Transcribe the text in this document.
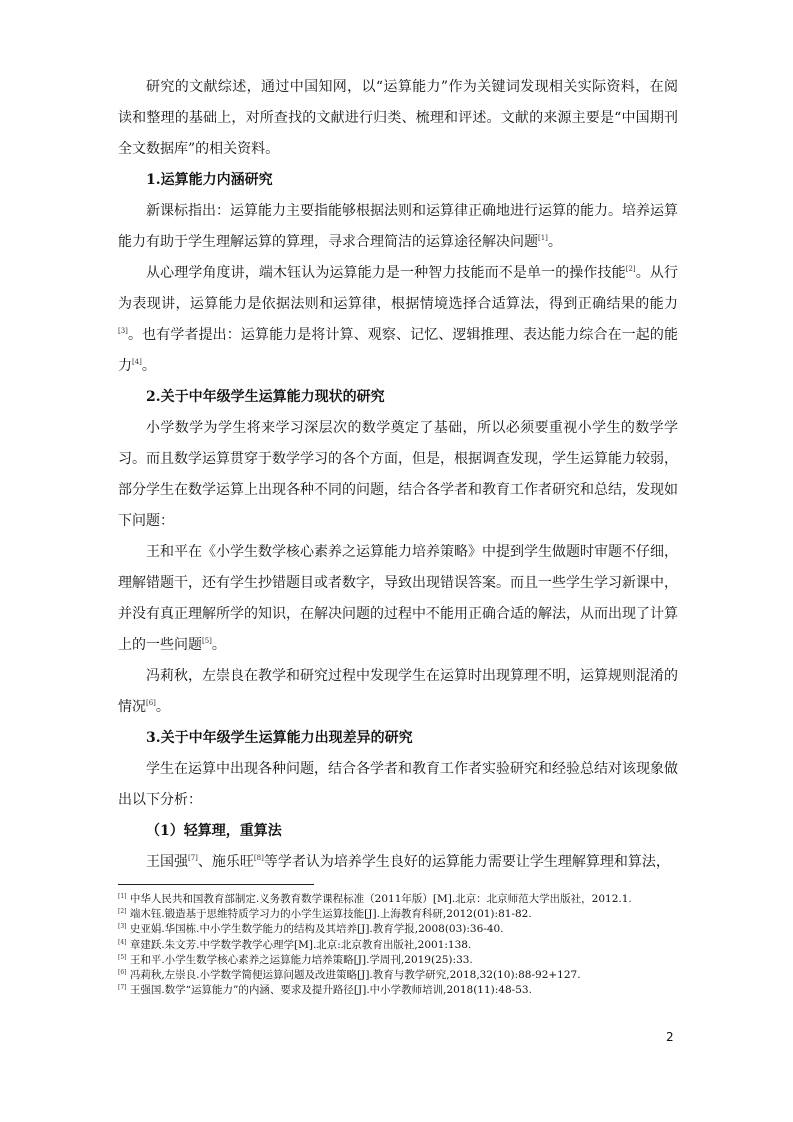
研究的文献综述，通过中国知网，以“运算能力”作为关键词发现相关实际资料，在阅读和整理的基础上，对所查找的文献进行归类、梳理和评述。文献的来源主要是“中国期刊全文数据库”的相关资料。

1.运算能力内涵研究

新课标指出：运算能力主要指能够根据法则和运算律正确地进行运算的能力。培养运算能力有助于学生理解运算的算理，寻求合理简洁的运算途径解决问题[1]。

从心理学角度讲，端木钰认为运算能力是一种智力技能而不是单一的操作技能[2]。从行为表现讲，运算能力是依据法则和运算律，根据情境选择合适算法，得到正确结果的能力[3]。也有学者提出：运算能力是将计算、观察、记忆、逻辑推理、表达能力综合在一起的能力[4]。

2.关于中年级学生运算能力现状的研究

小学数学为学生将来学习深层次的数学奠定了基础，所以必须要重视小学生的数学学习。而且数学运算贯穿于数学学习的各个方面，但是，根据调查发现，学生运算能力较弱，部分学生在数学运算上出现各种不同的问题，结合各学者和教育工作者研究和总结，发现如下问题：

王和平在《小学生数学核心素养之运算能力培养策略》中提到学生做题时审题不仔细，理解错题干，还有学生抄错题目或者数字，导致出现错误答案。而且一些学生学习新课中，并没有真正理解所学的知识，在解决问题的过程中不能用正确合适的解法，从而出现了计算上的一些问题[5]。

冯莉秋，左崇良在教学和研究过程中发现学生在运算时出现算理不明，运算规则混淆的情况[6]。

3.关于中年级学生运算能力出现差异的研究

学生在运算中出现各种问题，结合各学者和教育工作者实验研究和经验总结对该现象做出以下分析：

（1）轻算理，重算法

王国强[7]、施乐旺[8]等学者认为培养学生良好的运算能力需要让学生理解算理和算法，

[1] 中华人民共和国教育部制定.义务教育数学课程标准（2011年版）[M].北京：北京师范大学出版社，2012.1.

[2] 端木钰.锻造基于思维特质学习力的小学生运算技能[J].上海教育科研,2012(01):81-82.

[3] 史亚娟.华国栋.中小学生数学能力的结构及其培养[J].教育学报,2008(03):36-40.

[4] 章建跃.朱文芳.中学数学教学心理学[M].北京:北京教育出版社,2001:138.

[5] 王和平.小学生数学核心素养之运算能力培养策略[J].学周刊,2019(25):33.

[6] 冯莉秋,左崇良.小学数学简便运算问题及改进策略[J].教育与教学研究,2018,32(10):88-92+127.

[7] 王强国.数学“运算能力”的内涵、要求及提升路径[J].中小学教师培训,2018(11):48-53.

2
